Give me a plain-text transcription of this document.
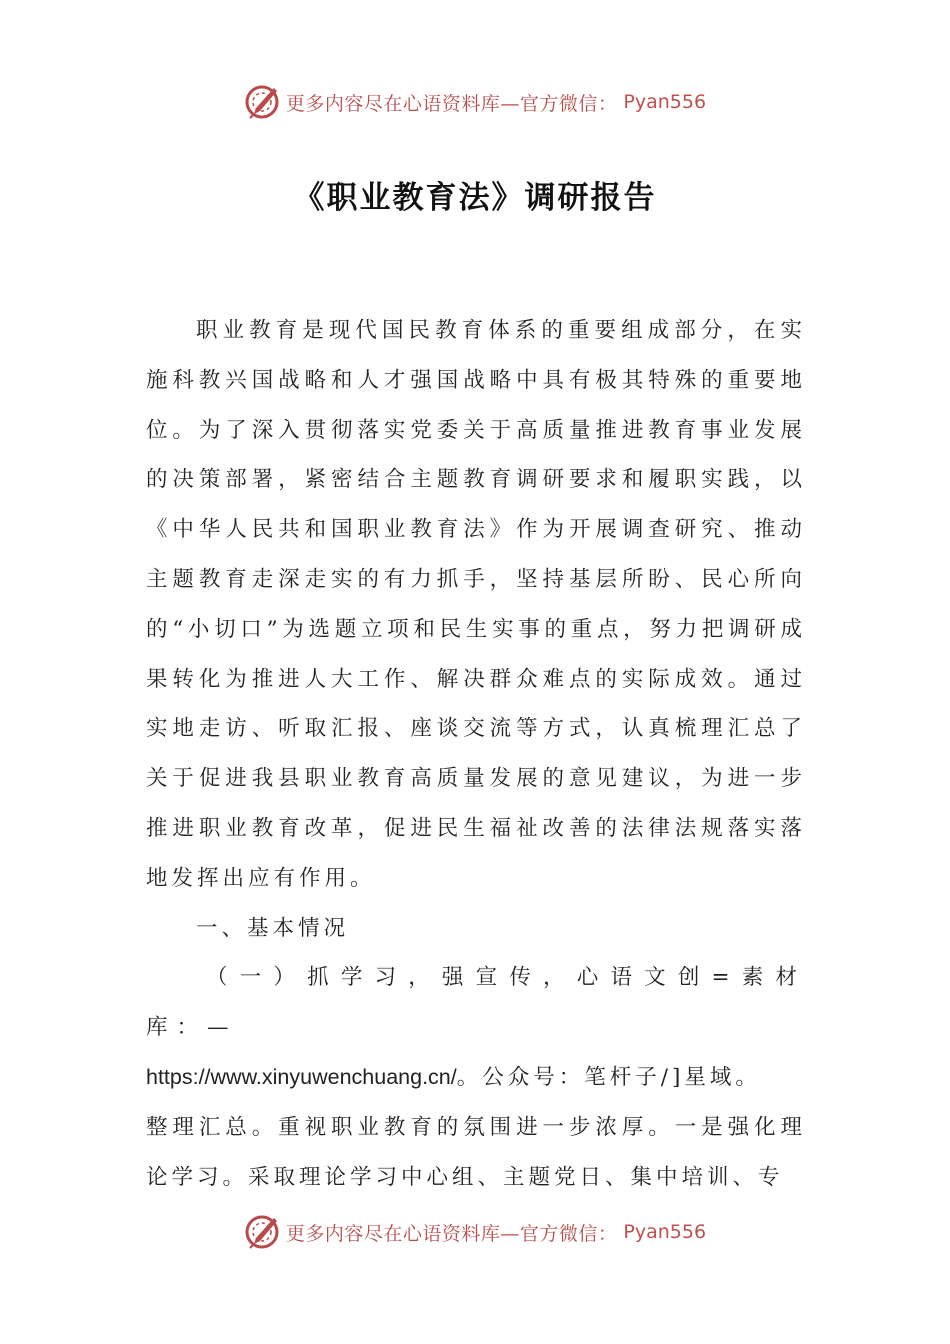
更多内容尽在心语资料库—官方微信： Pyan556
《职业教育法》调研报告

职业教育是现代国民教育体系的重要组成部分，在实施科教兴国战略和人才强国战略中具有极其特殊的重要地位。为了深入贯彻落实党委关于高质量推进教育事业发展的决策部署，紧密结合主题教育调研要求和履职实践，以《中华人民共和国职业教育法》作为开展调查研究、推动主题教育走深走实的有力抓手，坚持基层所盼、民心所向的“小切口”为选题立项和民生实事的重点，努力把调研成果转化为推进人大工作、解决群众难点的实际成效。通过实地走访、听取汇报、座谈交流等方式，认真梳理汇总了关于促进我县职业教育高质量发展的意见建议，为进一步推进职业教育改革，促进民生福祉改善的法律法规落实落地发挥出应有作用。

一、基本情况

（一）抓学习，强宣传，心语文创=素材库：—

https://www.xinyuwenchuang.cn/。公众号：笔杆子/]星域。

整理汇总。重视职业教育的氛围进一步浓厚。一是强化理论学习。采取理论学习中心组、主题党日、集中培训、专

更多内容尽在心语资料库—官方微信： Pyan556
